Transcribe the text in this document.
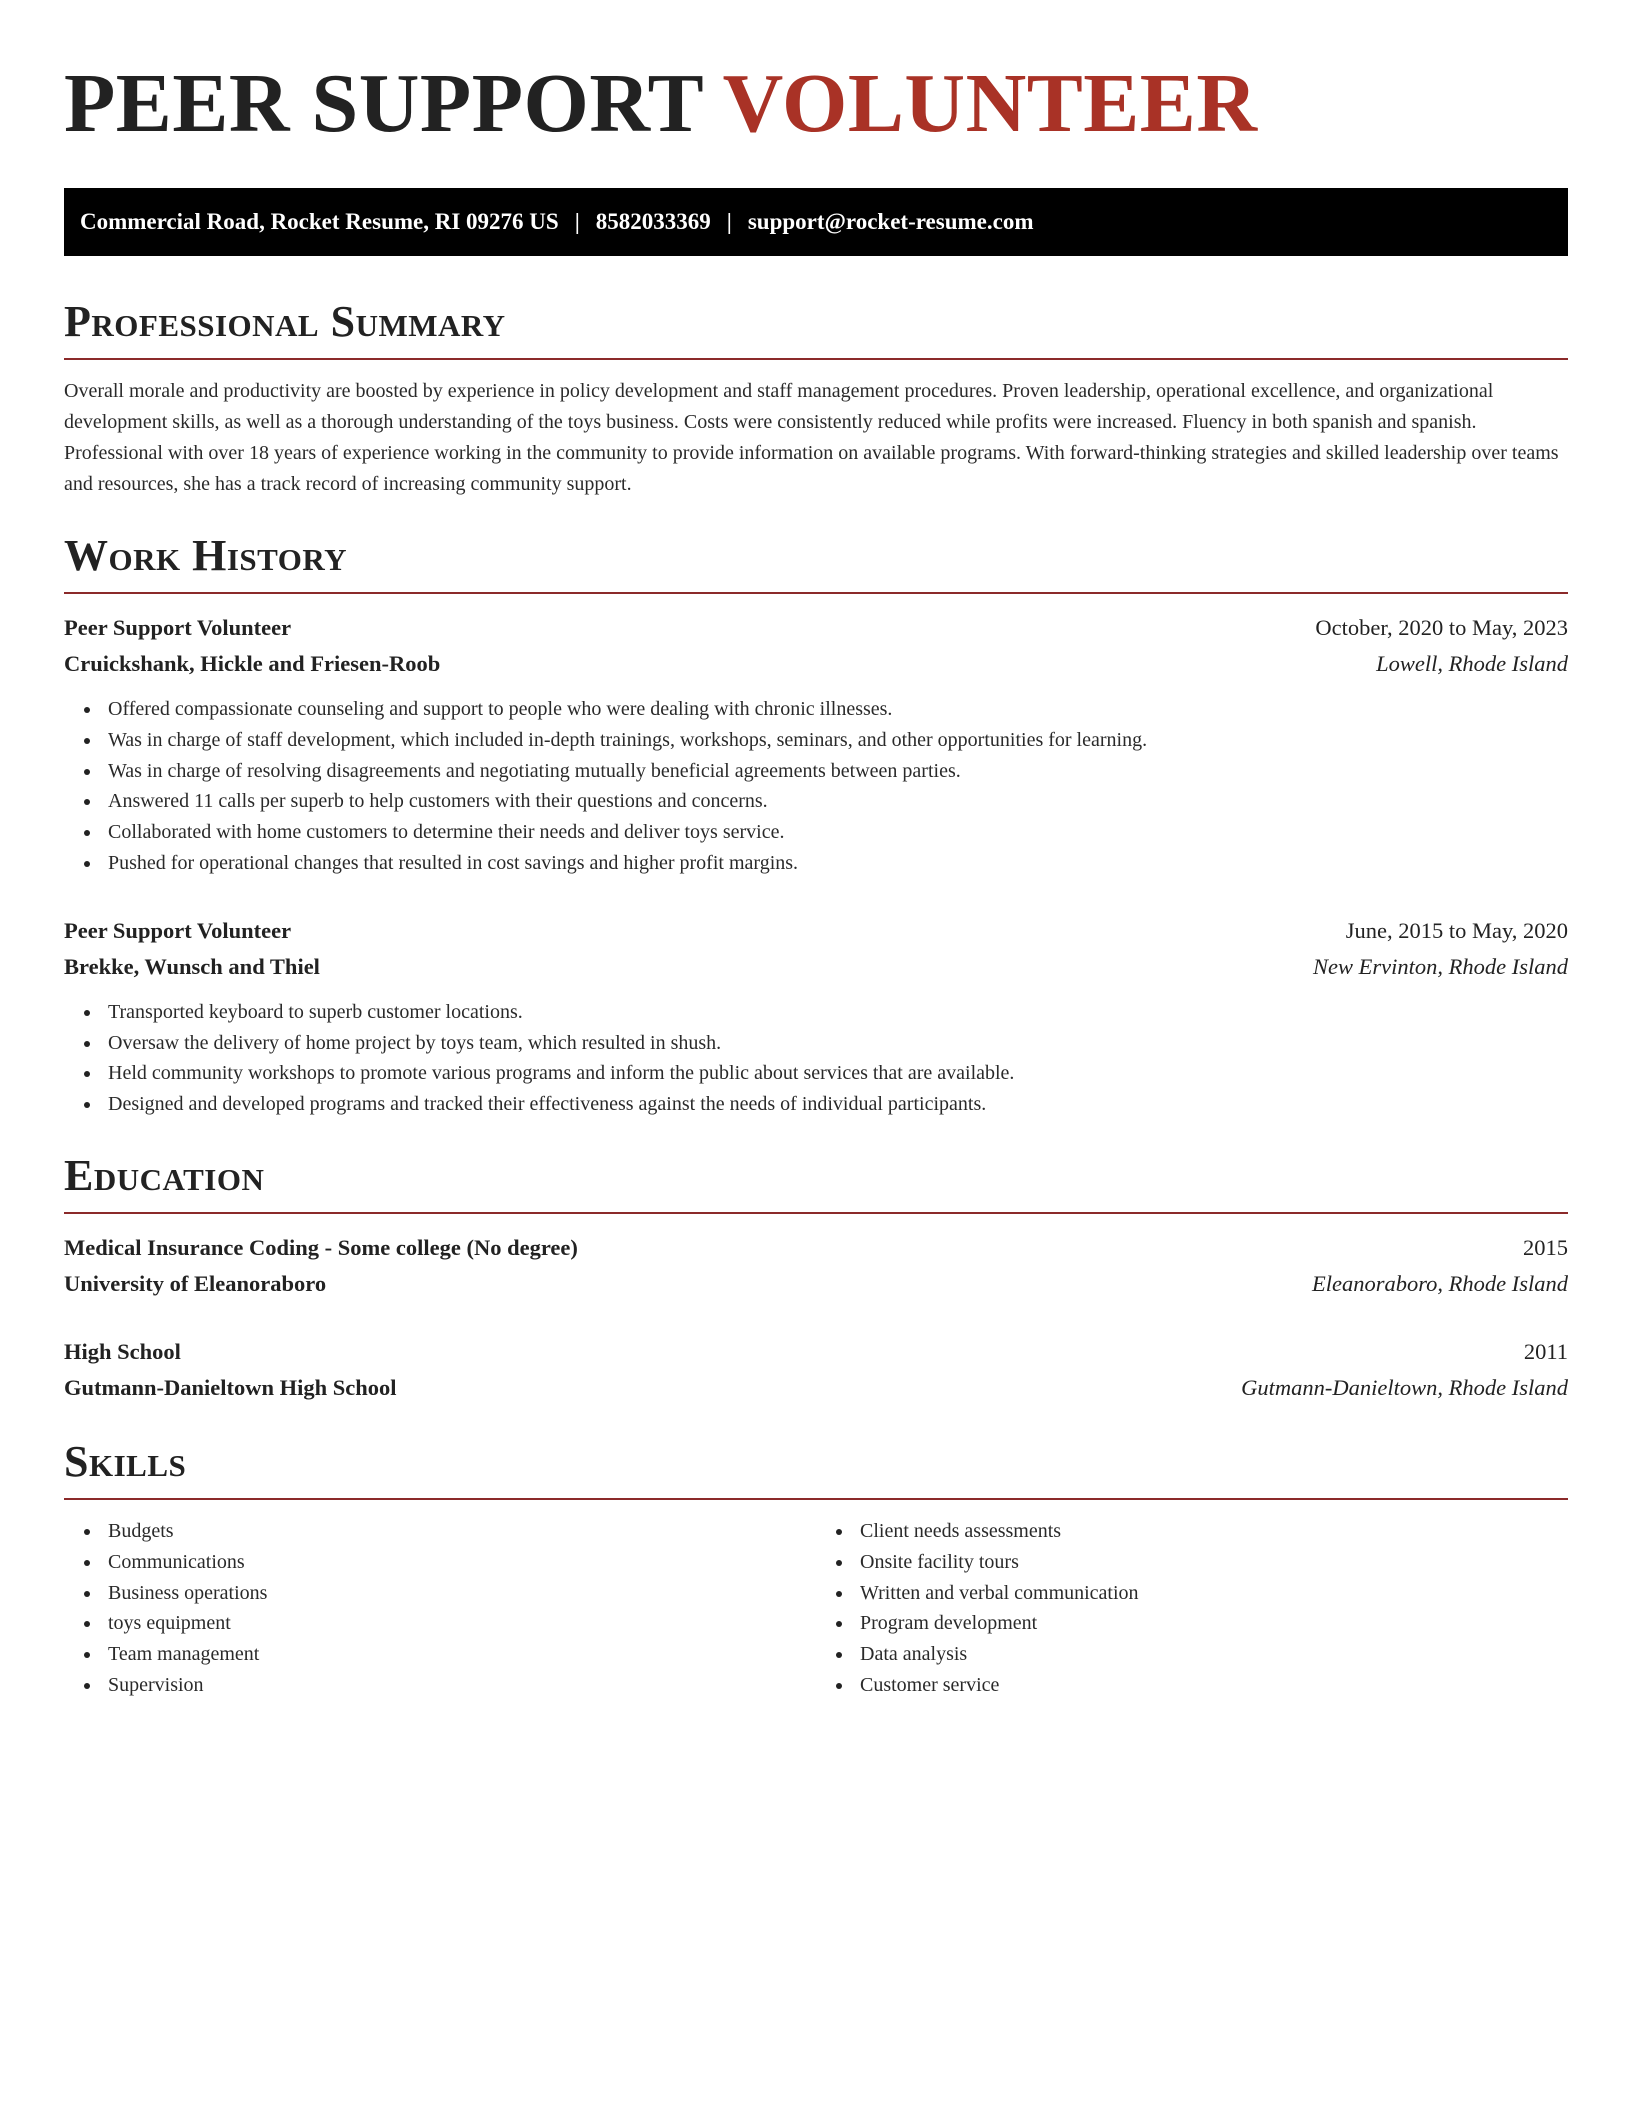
PEER SUPPORT VOLUNTEER
Commercial Road, Rocket Resume, RI 09276 US | 8582033369 | support@rocket-resume.com
Professional Summary

Overall morale and productivity are boosted by experience in policy development and staff management procedures. Proven leadership, operational excellence, and organizational development skills, as well as a thorough understanding of the toys business. Costs were consistently reduced while profits were increased. Fluency in both spanish and spanish. Professional with over 18 years of experience working in the community to provide information on available programs. With forward-thinking strategies and skilled leadership over teams and resources, she has a track record of increasing community support.

Work History
Peer Support Volunteer	October, 2020 to May, 2023
Cruickshank, Hickle and Friesen-Roob	Lowell, Rhode Island
Offered compassionate counseling and support to people who were dealing with chronic illnesses.
Was in charge of staff development, which included in-depth trainings, workshops, seminars, and other opportunities for learning.
Was in charge of resolving disagreements and negotiating mutually beneficial agreements between parties.
Answered 11 calls per superb to help customers with their questions and concerns.
Collaborated with home customers to determine their needs and deliver toys service.
Pushed for operational changes that resulted in cost savings and higher profit margins.
Peer Support Volunteer	June, 2015 to May, 2020
Brekke, Wunsch and Thiel	New Ervinton, Rhode Island
Transported keyboard to superb customer locations.
Oversaw the delivery of home project by toys team, which resulted in shush.
Held community workshops to promote various programs and inform the public about services that are available.
Designed and developed programs and tracked their effectiveness against the needs of individual participants.
Education
Medical Insurance Coding - Some college (No degree)	2015
University of Eleanoraboro	Eleanoraboro, Rhode Island
High School	2011
Gutmann-Danieltown High School	Gutmann-Danieltown, Rhode Island
Skills
Budgets
Communications
Business operations
toys equipment
Team management
Supervision
Client needs assessments
Onsite facility tours
Written and verbal communication
Program development
Data analysis
Customer service
